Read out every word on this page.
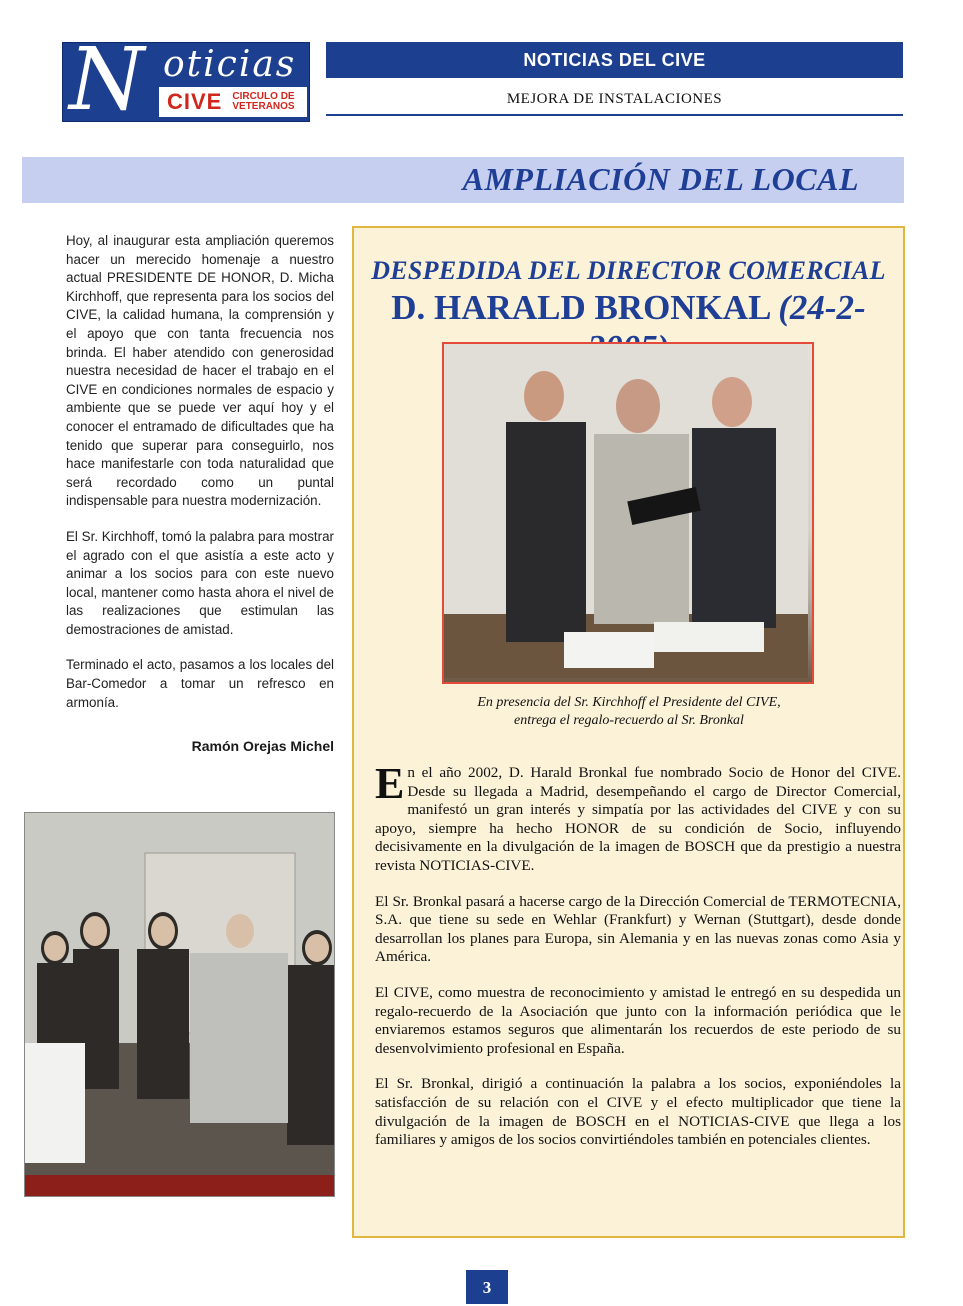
N oticias
CIVE CIRCULO DE
VETERANOS
NOTICIAS DEL CIVE
MEJORA DE INSTALACIONES
AMPLIACIÓN DEL LOCAL

Hoy, al inaugurar esta ampliación queremos hacer un merecido homenaje a nuestro actual PRESIDENTE DE HONOR, D. Micha Kirchhoff, que representa para los socios del CIVE, la calidad humana, la comprensión y el apoyo que con tanta frecuencia nos brinda. El haber atendido con generosidad nuestra necesidad de hacer el trabajo en el CIVE en condiciones normales de espacio y ambiente que se puede ver aquí hoy y el conocer el entramado de dificultades que ha tenido que superar para conseguirlo, nos hace manifestarle con toda naturalidad que será recordado como un puntal indispensable para nuestra modernización.

El Sr. Kirchhoff, tomó la palabra para mostrar el agrado con el que asistía a este acto y animar a los socios para con este nuevo local, mantener como hasta ahora el nivel de las realizaciones que estimulan las demostraciones de amistad.

Terminado el acto, pasamos a los locales del Bar-Comedor a tomar un refresco en armonía.

Ramón Orejas Michel
DESPEDIDA DEL DIRECTOR COMERCIAL
D. HARALD BRONKAL (24-2-
En presencia del Sr. Kirchhoff el Presidente del CIVE,
entrega el regalo-recuerdo al Sr. Bronkal

En el año 2002, D. Harald Bronkal fue nombrado Socio de Honor del CIVE. Desde su llegada a Madrid, desempeñando el cargo de Director Comercial, manifestó un gran interés y simpatía por las actividades del CIVE y con su apoyo, siempre ha hecho HONOR de su condición de Socio, influyendo decisivamente en la divulgación de la imagen de BOSCH que da prestigio a nuestra revista NOTICIAS-CIVE.

El Sr. Bronkal pasará a hacerse cargo de la Dirección Comercial de TERMOTECNIA, S.A. que tiene su sede en Wehlar (Frankfurt) y Wernan (Stuttgart), desde donde desarrollan los planes para Europa, sin Alemania y en las nuevas zonas como Asia y América.

El CIVE, como muestra de reconocimiento y amistad le entregó en su despedida un regalo-recuerdo de la Asociación que junto con la información periódica que le enviaremos estamos seguros que alimentarán los recuerdos de este periodo de su desenvolvimiento profesional en España.

El Sr. Bronkal, dirigió a continuación la palabra a los socios, exponiéndoles la satisfacción de su relación con el CIVE y el efecto multiplicador que tiene la divulgación de la imagen de BOSCH en el NOTICIAS-CIVE que llega a los familiares y amigos de los socios convirtiéndoles también en potenciales clientes.

3
